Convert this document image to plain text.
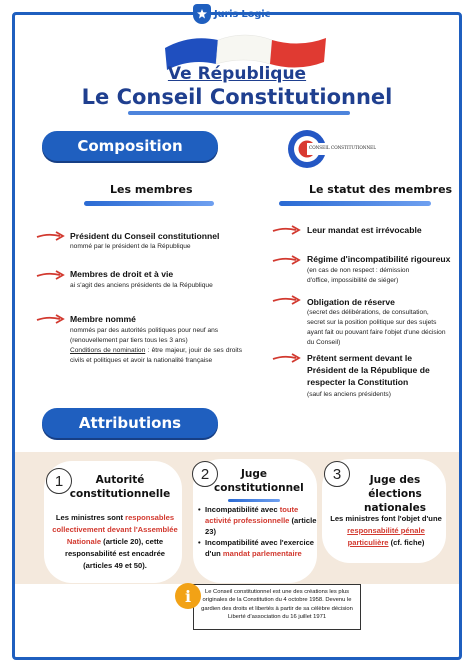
Juris Logic
Ve République
Le Conseil Constitutionnel
Composition	CONSEIL CONSTITUTIONNEL
Les membres	Le statut des membres
Président du Conseil constitutionnel
nommé par le président de la République
Membres de droit et à vie
ai s'agit des anciens présidents de la République
Membre nommé
nommés par des autorités politiques pour neuf ans
(renouvellement par tiers tous les 3 ans)
Conditions de nomination : être majeur, jouir de ses droits civils et politiques et avoir la nationalité française
Leur mandat est irrévocable
Régime d'incompatibilité rigoureux
(en cas de non respect : démission d'office, impossibilité de siéger)
Obligation de réserve
(secret des délibérations, de consultation, secret sur la position politique sur des sujets ayant fait ou pouvant faire l'objet d'une décision du Conseil)
Prêtent serment devant le Président de la République de respecter la Constitution
(sauf les anciens présidents)
Attributions
1	Autorité constitutionnelle
Les ministres sont responsables collectivement devant l'Assemblée Nationale (article 20), cette responsabilité est encadrée (articles 49 et 50).
2	Juge constitutionnel
• Incompatibilité avec toute activité professionnelle (article 23)
• Incompatibilité avec l'exercice d'un mandat parlementaire
3	Juge des élections nationales
Les ministres font l'objet d'une responsabilité pénale particulière (cf. fiche)
Le Conseil constitutionnel est une des créations les plus originales de la Constitution du 4 octobre 1958. Devenu le gardien des droits et libertés à partir de sa célèbre décision Liberté d'association du 16 juillet 1971
i
